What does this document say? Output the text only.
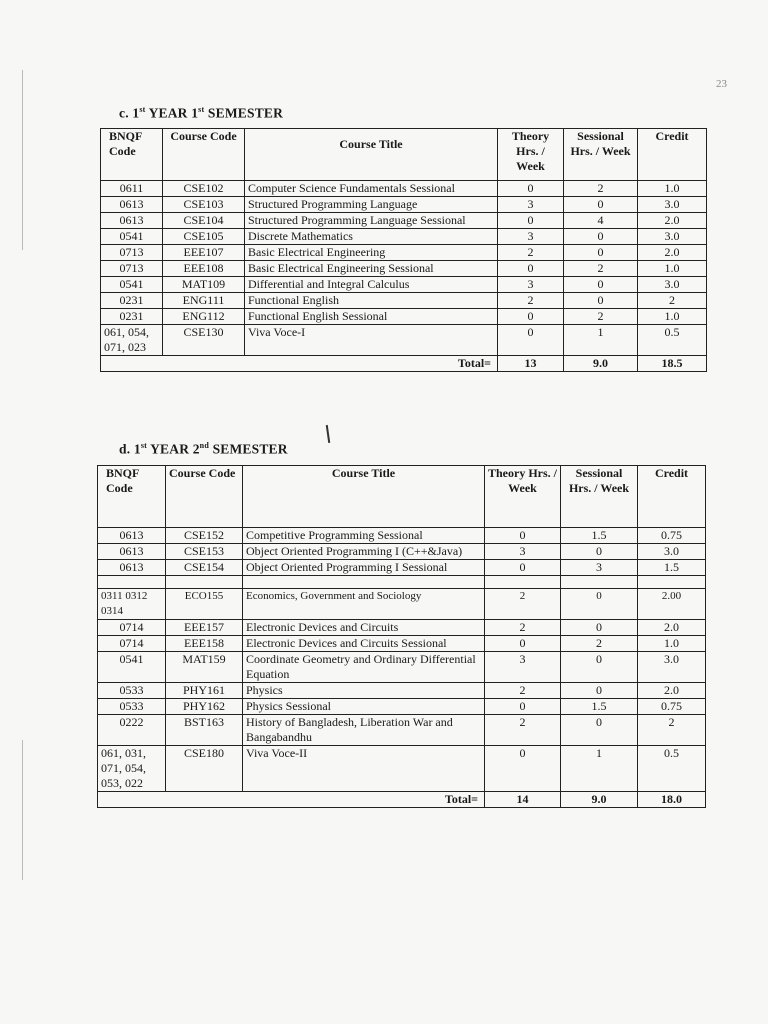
23
c. 1st YEAR 1st SEMESTER
BNQF Code	Course Code	Course Title	Theory Hrs. / Week	Sessional Hrs. / Week	Credit
0611	CSE102	Computer Science Fundamentals Sessional	0	2	1.0
0613	CSE103	Structured Programming Language	3	0	3.0
0613	CSE104	Structured Programming Language Sessional	0	4	2.0
0541	CSE105	Discrete Mathematics	3	0	3.0
0713	EEE107	Basic Electrical Engineering	2	0	2.0
0713	EEE108	Basic Electrical Engineering Sessional	0	2	1.0
0541	MAT109	Differential and Integral Calculus	3	0	3.0
0231	ENG111	Functional English	2	0	2
0231	ENG112	Functional English Sessional	0	2	1.0
061, 054, 071, 023	CSE130	Viva Voce-I	0	1	0.5
Total=			13	9.0	18.5
d. 1st YEAR 2nd SEMESTER
BNQF Code	Course Code	Course Title	Theory Hrs. / Week	Sessional Hrs. / Week	Credit
0613	CSE152	Competitive Programming Sessional	0	1.5	0.75
0613	CSE153	Object Oriented Programming I (C++&Java)	3	0	3.0
0613	CSE154	Object Oriented Programming I Sessional	0	3	1.5

0311 0312 0314	ECO155	Economics, Government and Sociology	2	0	2.00
0714	EEE157	Electronic Devices and Circuits	2	0	2.0
0714	EEE158	Electronic Devices and Circuits Sessional	0	2	1.0
0541	MAT159	Coordinate Geometry and Ordinary Differential Equation	3	0	3.0
0533	PHY161	Physics	2	0	2.0
0533	PHY162	Physics Sessional	0	1.5	0.75
0222	BST163	History of Bangladesh, Liberation War and Bangabandhu	2	0	2
061, 031, 071, 054, 053, 022	CSE180	Viva Voce-II	0	1	0.5
Total=			14	9.0	18.0
